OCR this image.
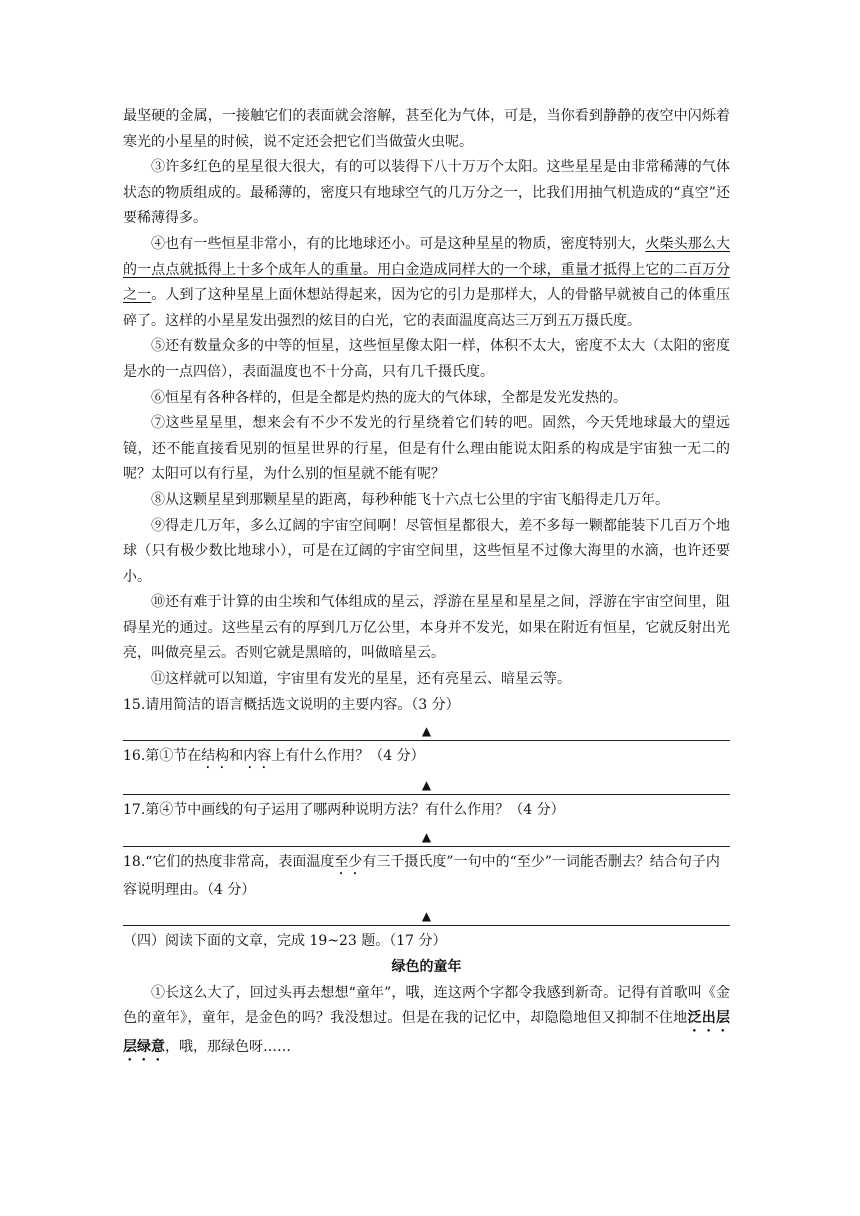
最坚硬的金属，一接触它们的表面就会溶解，甚至化为气体，可是，当你看到静静的夜空中闪烁着寒光的小星星的时候，说不定还会把它们当做萤火虫呢。

③许多红色的星星很大很大，有的可以装得下八十万万个太阳。这些星星是由非常稀薄的气体状态的物质组成的。最稀薄的，密度只有地球空气的几万分之一，比我们用抽气机造成的“真空”还要稀薄得多。

④也有一些恒星非常小，有的比地球还小。可是这种星星的物质，密度特别大，火柴头那么大的一点点就抵得上十多个成年人的重量。用白金造成同样大的一个球，重量才抵得上它的二百万分之一。人到了这种星星上面休想站得起来，因为它的引力是那样大，人的骨骼早就被自己的体重压碎了。这样的小星星发出强烈的炫目的白光，它的表面温度高达三万到五万摄氏度。

⑤还有数量众多的中等的恒星，这些恒星像太阳一样，体积不太大，密度不太大（太阳的密度是水的一点四倍），表面温度也不十分高，只有几千摄氏度。

⑥恒星有各种各样的，但是全都是灼热的庞大的气体球，全都是发光发热的。

⑦这些星星里，想来会有不少不发光的行星绕着它们转的吧。固然，今天凭地球最大的望远镜，还不能直接看见别的恒星世界的行星，但是有什么理由能说太阳系的构成是宇宙独一无二的呢？太阳可以有行星，为什么别的恒星就不能有呢？

⑧从这颗星星到那颗星星的距离，每秒种能飞十六点七公里的宇宙飞船得走几万年。

⑨得走几万年，多么辽阔的宇宙空间啊！尽管恒星都很大，差不多每一颗都能装下几百万个地球（只有极少数比地球小），可是在辽阔的宇宙空间里，这些恒星不过像大海里的水滴，也许还要小。

⑩还有难于计算的由尘埃和气体组成的星云，浮游在星星和星星之间，浮游在宇宙空间里，阻碍星光的通过。这些星云有的厚到几万亿公里，本身并不发光，如果在附近有恒星，它就反射出光亮，叫做亮星云。否则它就是黑暗的，叫做暗星云。

⑪这样就可以知道，宇宙里有发光的星星，还有亮星云、暗星云等。

15.请用简洁的语言概括选文说明的主要内容。（3 分）

▲

16.第①节在结构和内容上有什么作用？（4 分）

▲

17.第④节中画线的句子运用了哪两种说明方法？有什么作用？（4 分）

▲

18.“它们的热度非常高，表面温度至少有三千摄氏度”一句中的“至少”一词能否删去？结合句子内容说明理由。（4 分）

▲

（四）阅读下面的文章，完成 19~23 题。（17 分）

绿色的童年

①长这么大了，回过头再去想想“童年”，哦，连这两个字都令我感到新奇。记得有首歌叫《金色的童年》，童年，是金色的吗？我没想过。但是在我的记忆中，却隐隐地但又抑制不住地泛出层层绿意，哦，那绿色呀……
